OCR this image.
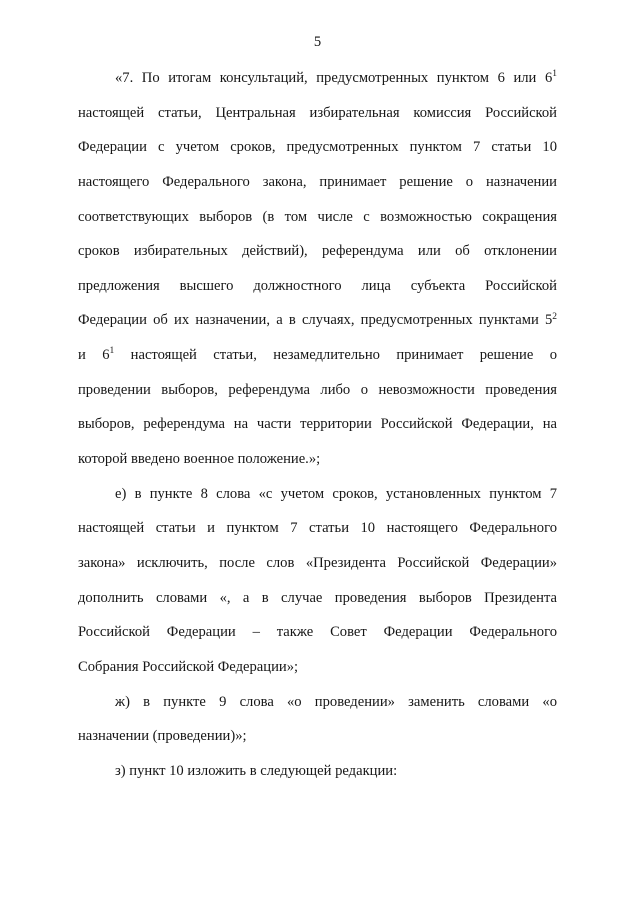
5
«7. По итогам консультаций, предусмотренных пунктом 6 или $6^1$
настоящей статьи, Центральная избирательная комиссия Российской
Федерации с учетом сроков, предусмотренных пунктом 7 статьи 10
настоящего Федерального закона, принимает решение о назначении
соответствующих выборов (в том числе с возможностью сокращения
сроков избирательных действий), референдума или об отклонении
предложения высшего должностного лица субъекта Российской
Федерации об их назначении, а в случаях, предусмотренных пунктами $5^2$
и $6^1$ настоящей статьи, незамедлительно принимает решение о
проведении выборов, референдума либо о невозможности проведения
выборов, референдума на части территории Российской Федерации, на
которой введено военное положение.»;
е) в пункте 8 слова «с учетом сроков, установленных пунктом 7
настоящей статьи и пунктом 7 статьи 10 настоящего Федерального
закона» исключить, после слов «Президента Российской Федерации»
дополнить словами «, а в случае проведения выборов Президента
Российской Федерации – также Совет Федерации Федерального
Собрания Российской Федерации»;
ж) в пункте 9 слова «о проведении» заменить словами «о
назначении (проведении)»;
з) пункт 10 изложить в следующей редакции:
